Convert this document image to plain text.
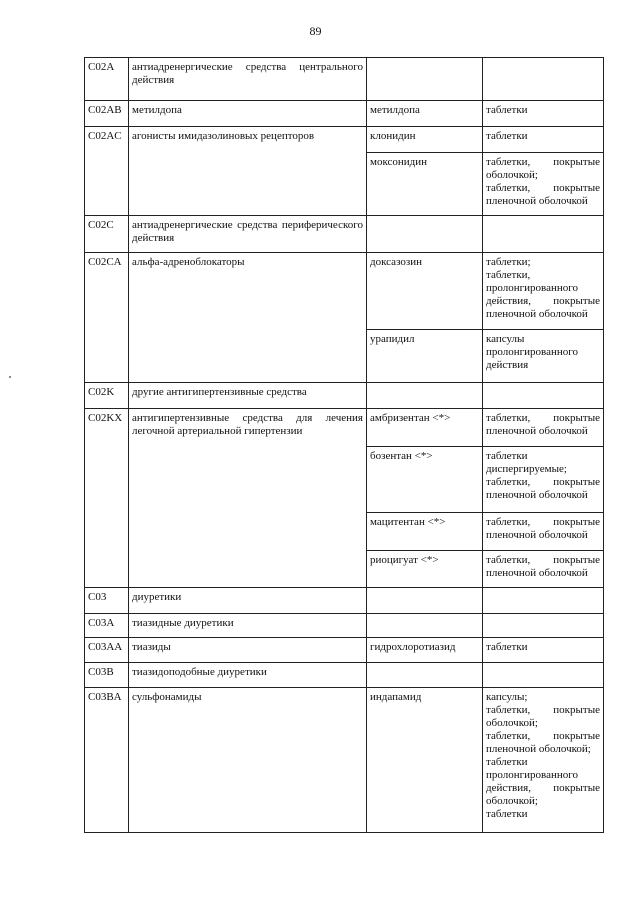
89
C02A	антиадренергические средства центрального действия		
C02AB	метилдопа	метилдопа	таблетки
C02AC	агонисты имидазолиновых рецепторов	клонидин	таблетки
		моксонидин	таблетки, покрытые оболочкой;
таблетки, покрытые пленочной оболочкой

C02C	антиадренергические средства периферического действия		
C02CA	альфа-адреноблокаторы	доксазозин	таблетки;
таблетки, пролонгированного действия, покрытые пленочной оболочкой

		урапидил	капсулы пролонгированного действия
C02K	другие антигипертензивные средства		
C02KX	антигипертензивные средства для лечения легочной артериальной гипертензии	амбризентан <*>	таблетки, покрытые пленочной оболочкой

		бозентан <*>	таблетки диспергируемые;
таблетки, покрытые пленочной оболочкой

		мацитентан <*>	таблетки, покрытые пленочной оболочкой

		риоцигуат <*>	таблетки, покрытые пленочной оболочкой

C03	диуретики		
C03A	тиазидные диуретики		
C03AA	тиазиды	гидрохлоротиазид	таблетки
C03B	тиазидоподобные диуретики		
C03BA	сульфонамиды	индапамид	капсулы;
таблетки, покрытые оболочкой;
таблетки, покрытые пленочной оболочкой;
таблетки пролонгированного действия, покрытые оболочкой;
таблетки
